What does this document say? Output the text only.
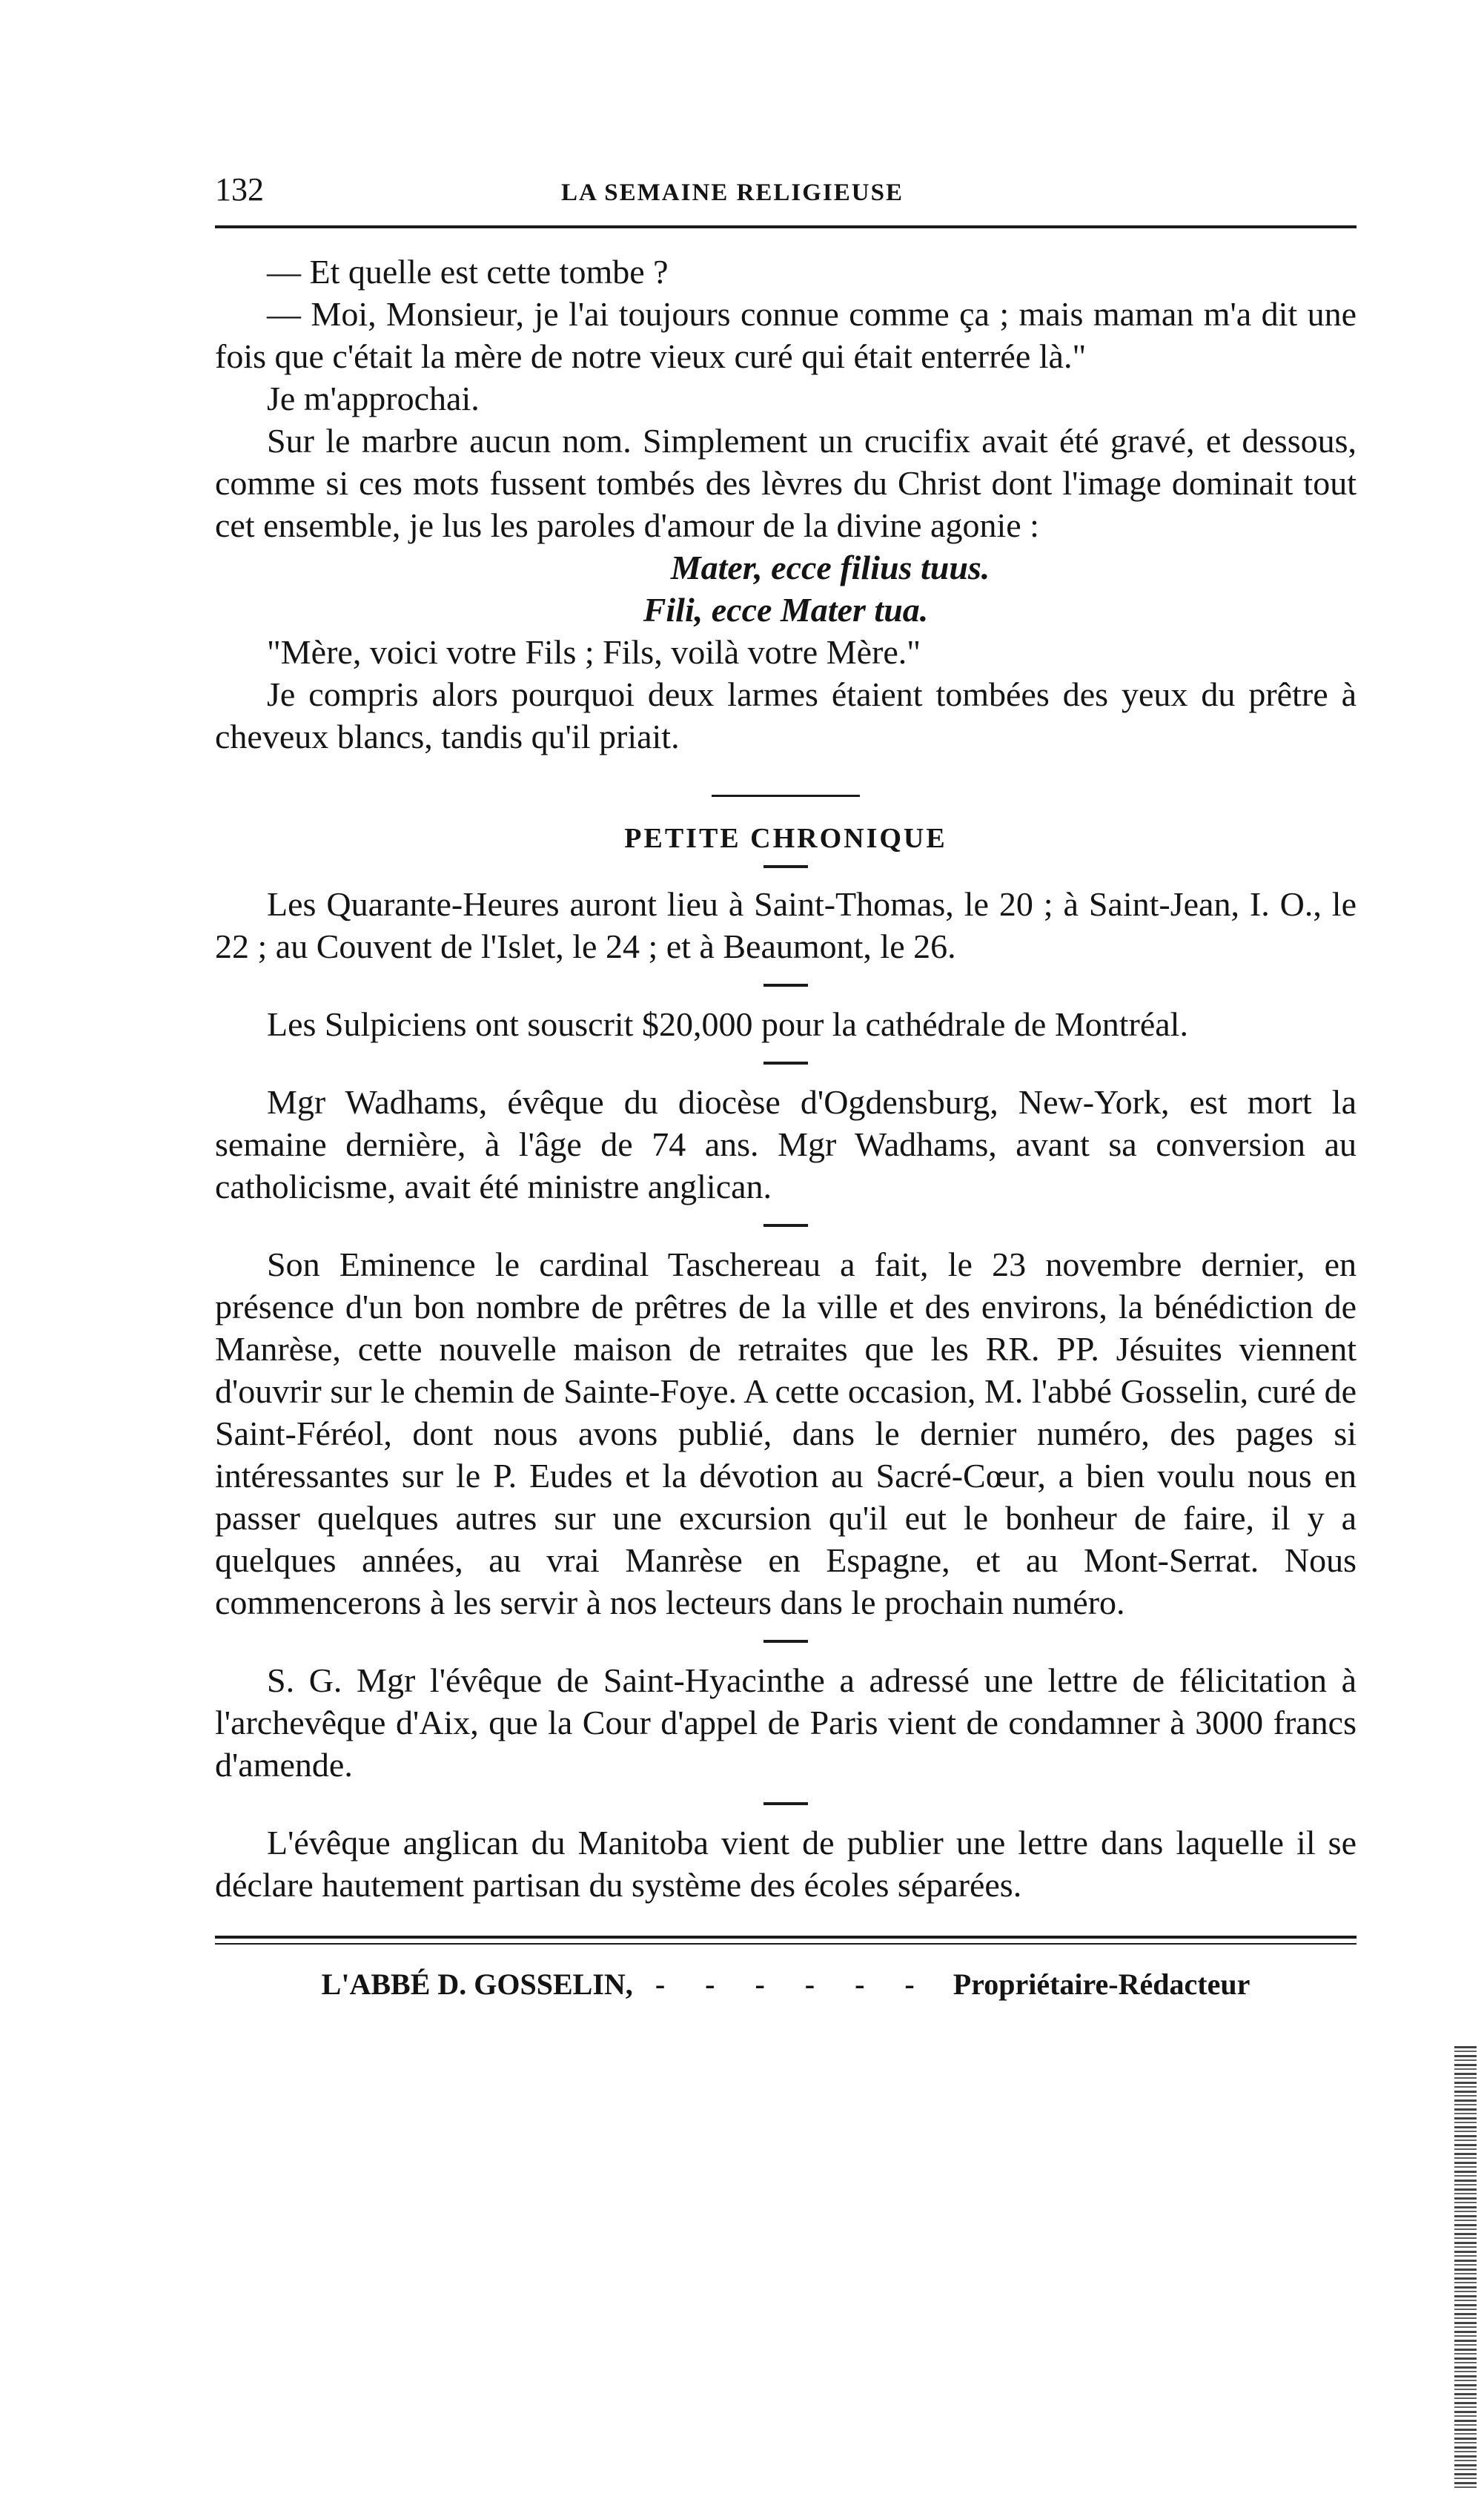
132	LA SEMAINE RELIGIEUSE

— Et quelle est cette tombe ?

— Moi, Monsieur, je l'ai toujours connue comme ça ; mais maman m'a dit une fois que c'était la mère de notre vieux curé qui était enterrée là."

Je m'approchai.

Sur le marbre aucun nom. Simplement un crucifix avait été gravé, et dessous, comme si ces mots fussent tombés des lèvres du Christ dont l'image dominait tout cet ensemble, je lus les paroles d'amour de la divine agonie :

Mater, ecce filius tuus.
Fili, ecce Mater tua.

"Mère, voici votre Fils ; Fils, voilà votre Mère."

Je compris alors pourquoi deux larmes étaient tombées des yeux du prêtre à cheveux blancs, tandis qu'il priait.

PETITE CHRONIQUE

Les Quarante-Heures auront lieu à Saint-Thomas, le 20 ; à Saint-Jean, I. O., le 22 ; au Couvent de l'Islet, le 24 ; et à Beaumont, le 26.

Les Sulpiciens ont souscrit $20,000 pour la cathédrale de Montréal.

Mgr Wadhams, évêque du diocèse d'Ogdensburg, New-York, est mort la semaine dernière, à l'âge de 74 ans. Mgr Wadhams, avant sa conversion au catholicisme, avait été ministre anglican.

Son Eminence le cardinal Taschereau a fait, le 23 novembre dernier, en présence d'un bon nombre de prêtres de la ville et des environs, la bénédiction de Manrèse, cette nouvelle maison de retraites que les RR. PP. Jésuites viennent d'ouvrir sur le chemin de Sainte-Foye. A cette occasion, M. l'abbé Gosselin, curé de Saint-Féréol, dont nous avons publié, dans le dernier numéro, des pages si intéressantes sur le P. Eudes et la dévotion au Sacré-Cœur, a bien voulu nous en passer quelques autres sur une excursion qu'il eut le bonheur de faire, il y a quelques années, au vrai Manrèse en Espagne, et au Mont-Serrat. Nous commencerons à les servir à nos lecteurs dans le prochain numéro.

S. G. Mgr l'évêque de Saint-Hyacinthe a adressé une lettre de félicitation à l'archevêque d'Aix, que la Cour d'appel de Paris vient de condamner à 3000 francs d'amende.

L'évêque anglican du Manitoba vient de publier une lettre dans laquelle il se déclare hautement partisan du système des écoles séparées.

L'ABBÉ D. GOSSELIN, - - - - - - Propriétaire-Rédacteur
